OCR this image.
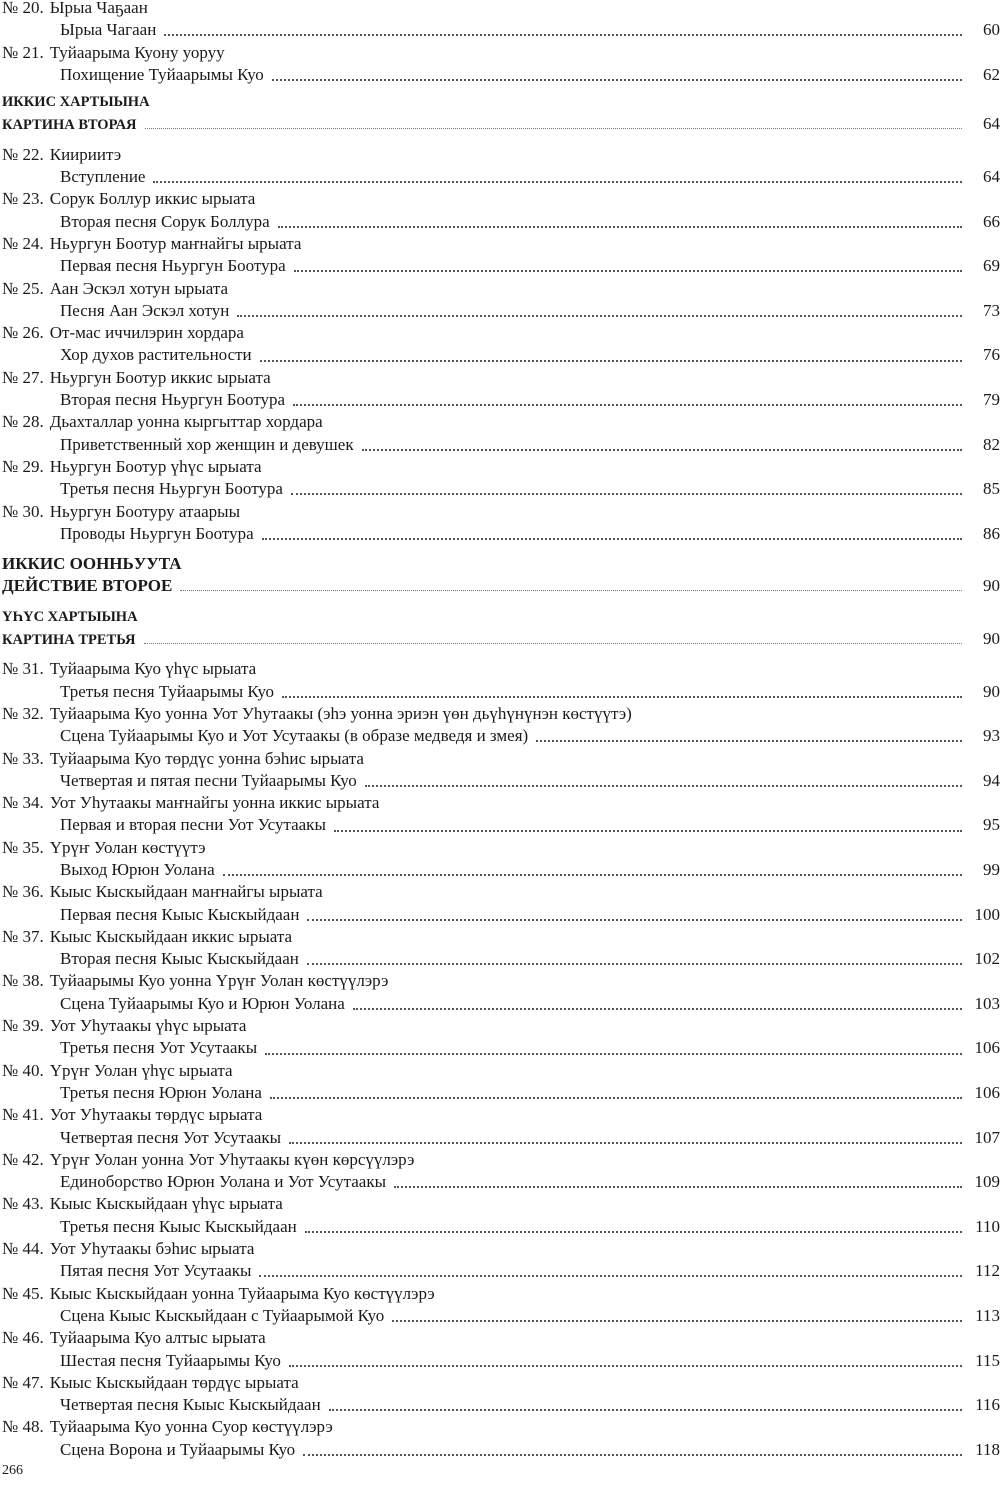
№ 20. Ырыа Чаҕаан
Ырыа Чагаан	60
№ 21. Туйаарыма Куону уоруу
Похищение Туйаарымы Куо	62
ИККИС ХАРТЫЫНА
КАРТИНА ВТОРАЯ	64
№ 22. Киириитэ
Вступление	64
№ 23. Сорук Боллур иккис ырыата
Вторая песня Сорук Боллура	66
№ 24. Ньургун Боотур маҥнайгы ырыата
Первая песня Ньургун Боотура	69
№ 25. Аан Эскэл хотун ырыата
Песня Аан Эскэл хотун	73
№ 26. От-мас иччилэрин хордара
Хор духов растительности	76
№ 27. Ньургун Боотур иккис ырыата
Вторая песня Ньургун Боотура	79
№ 28. Дьахталлар уонна кыргыттар хордара
Приветственный хор женщин и девушек	82
№ 29. Ньургун Боотур үһүс ырыата
Третья песня Ньургун Боотура	85
№ 30. Ньургун Боотуру атаарыы
Проводы Ньургун Боотура	86
ИККИС ООННЬУУТА
ДЕЙСТВИЕ ВТОРОЕ	90
ҮҺҮС ХАРТЫЫНА
КАРТИНА ТРЕТЬЯ	90
№ 31. Туйаарыма Куо үһүс ырыата
Третья песня Туйаарымы Куо	90
№ 32. Туйаарыма Куо уонна Уот Уһутаакы (эһэ уонна эриэн үөн дьүһүнүнэн көстүүтэ)
Сцена Туйаарымы Куо и Уот Усутаакы (в образе медведя и змея)	93
№ 33. Туйаарыма Куо төрдүс уонна бэһис ырыата
Четвертая и пятая песни Туйаарымы Куо	94
№ 34. Уот Уһутаакы маҥнайгы уонна иккис ырыата
Первая и вторая песни Уот Усутаакы	95
№ 35. Үрүҥ Уолан көстүүтэ
Выход Юрюн Уолана	99
№ 36. Кыыс Кыскыйдаан маҥнайгы ырыата
Первая песня Кыыс Кыскыйдаан	100
№ 37. Кыыс Кыскыйдаан иккис ырыата
Вторая песня Кыыс Кыскыйдаан	102
№ 38. Туйаарымы Куо уонна Үрүҥ Уолан көстүүлэрэ
Сцена Туйаарымы Куо и Юрюн Уолана	103
№ 39. Уот Уһутаакы үһүс ырыата
Третья песня Уот Усутаакы	106
№ 40. Үрүҥ Уолан үһүс ырыата
Третья песня Юрюн Уолана	106
№ 41. Уот Уһутаакы төрдүс ырыата
Четвертая песня Уот Усутаакы	107
№ 42. Үрүҥ Уолан уонна Уот Уһутаакы күөн көрсүүлэрэ
Единоборство Юрюн Уолана и Уот Усутаакы	109
№ 43. Кыыс Кыскыйдаан үһүс ырыата
Третья песня Кыыс Кыскыйдаан	110
№ 44. Уот Уһутаакы бэһис ырыата
Пятая песня Уот Усутаакы	112
№ 45. Кыыс Кыскыйдаан уонна Туйаарыма Куо көстүүлэрэ
Сцена Кыыс Кыскыйдаан с Туйаарымой Куо	113
№ 46. Туйаарыма Куо алтыс ырыата
Шестая песня Туйаарымы Куо	115
№ 47. Кыыс Кыскыйдаан төрдүс ырыата
Четвертая песня Кыыс Кыскыйдаан	116
№ 48. Туйаарыма Куо уонна Суор көстүүлэрэ
Сцена Ворона и Туйаарымы Куо	118
266
